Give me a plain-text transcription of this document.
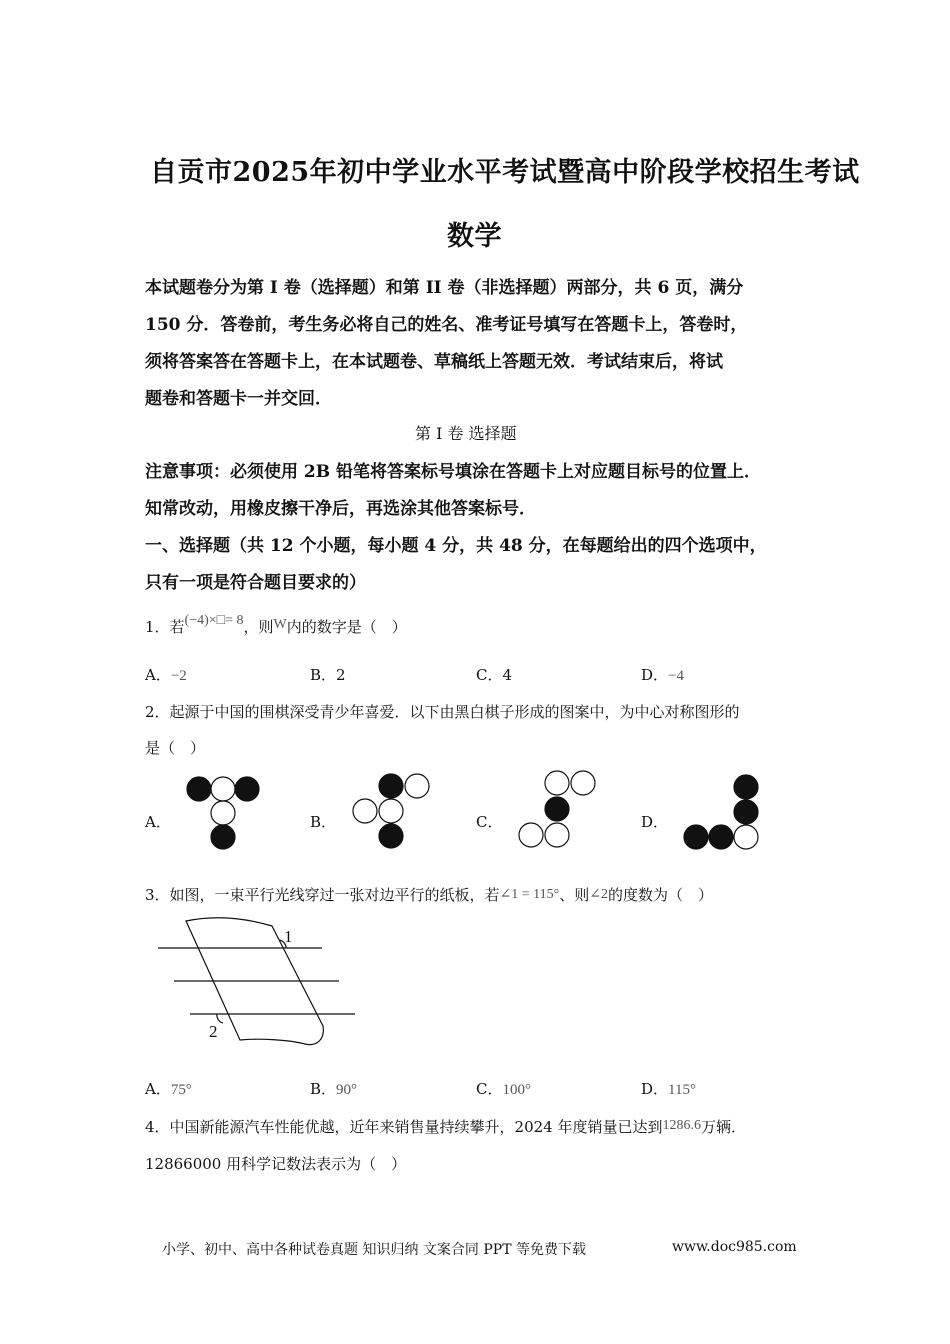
自贡市2025年初中学业水平考试暨高中阶段学校招生考试
数学
本试题卷分为第 I 卷（选择题）和第 II 卷（非选择题）两部分，共 6 页，满分
150 分．答卷前，考生务必将自己的姓名、准考证号填写在答题卡上，答卷时，
须将答案答在答题卡上，在本试题卷、草稿纸上答题无效．考试结束后，将试
题卷和答题卡一并交回．
第 I 卷 选择题
注意事项：必须使用 2B 铅笔将答案标号填涂在答题卡上对应题目标号的位置上．
知常改动，用橡皮擦干净后，再选涂其他答案标号．
一、选择题（共 12 个小题，每小题 4 分，共 48 分，在每题给出的四个选项中，
只有一项是符合题目要求的）
1．若(−4)×□= 8，则W内的数字是（　）
A．−2	B．2	C．4	D．−4
2．起源于中国的围棋深受青少年喜爱．以下由黑白棋子形成的图案中，为中心对称图形的
是（　）
A．	B．	C．	D．
3．如图，一束平行光线穿过一张对边平行的纸板，若∠1 = 115°、则∠2的度数为（　）
1
2
A．75°	B．90°	C．100°	D．115°
4．中国新能源汽车性能优越，近年来销售量持续攀升，2024 年度销量已达到1286.6万辆．
12866000 用科学记数法表示为（　）
小学、初中、高中各种试卷真题 知识归纳 文案合同 PPT 等免费下载	www.doc985.com
